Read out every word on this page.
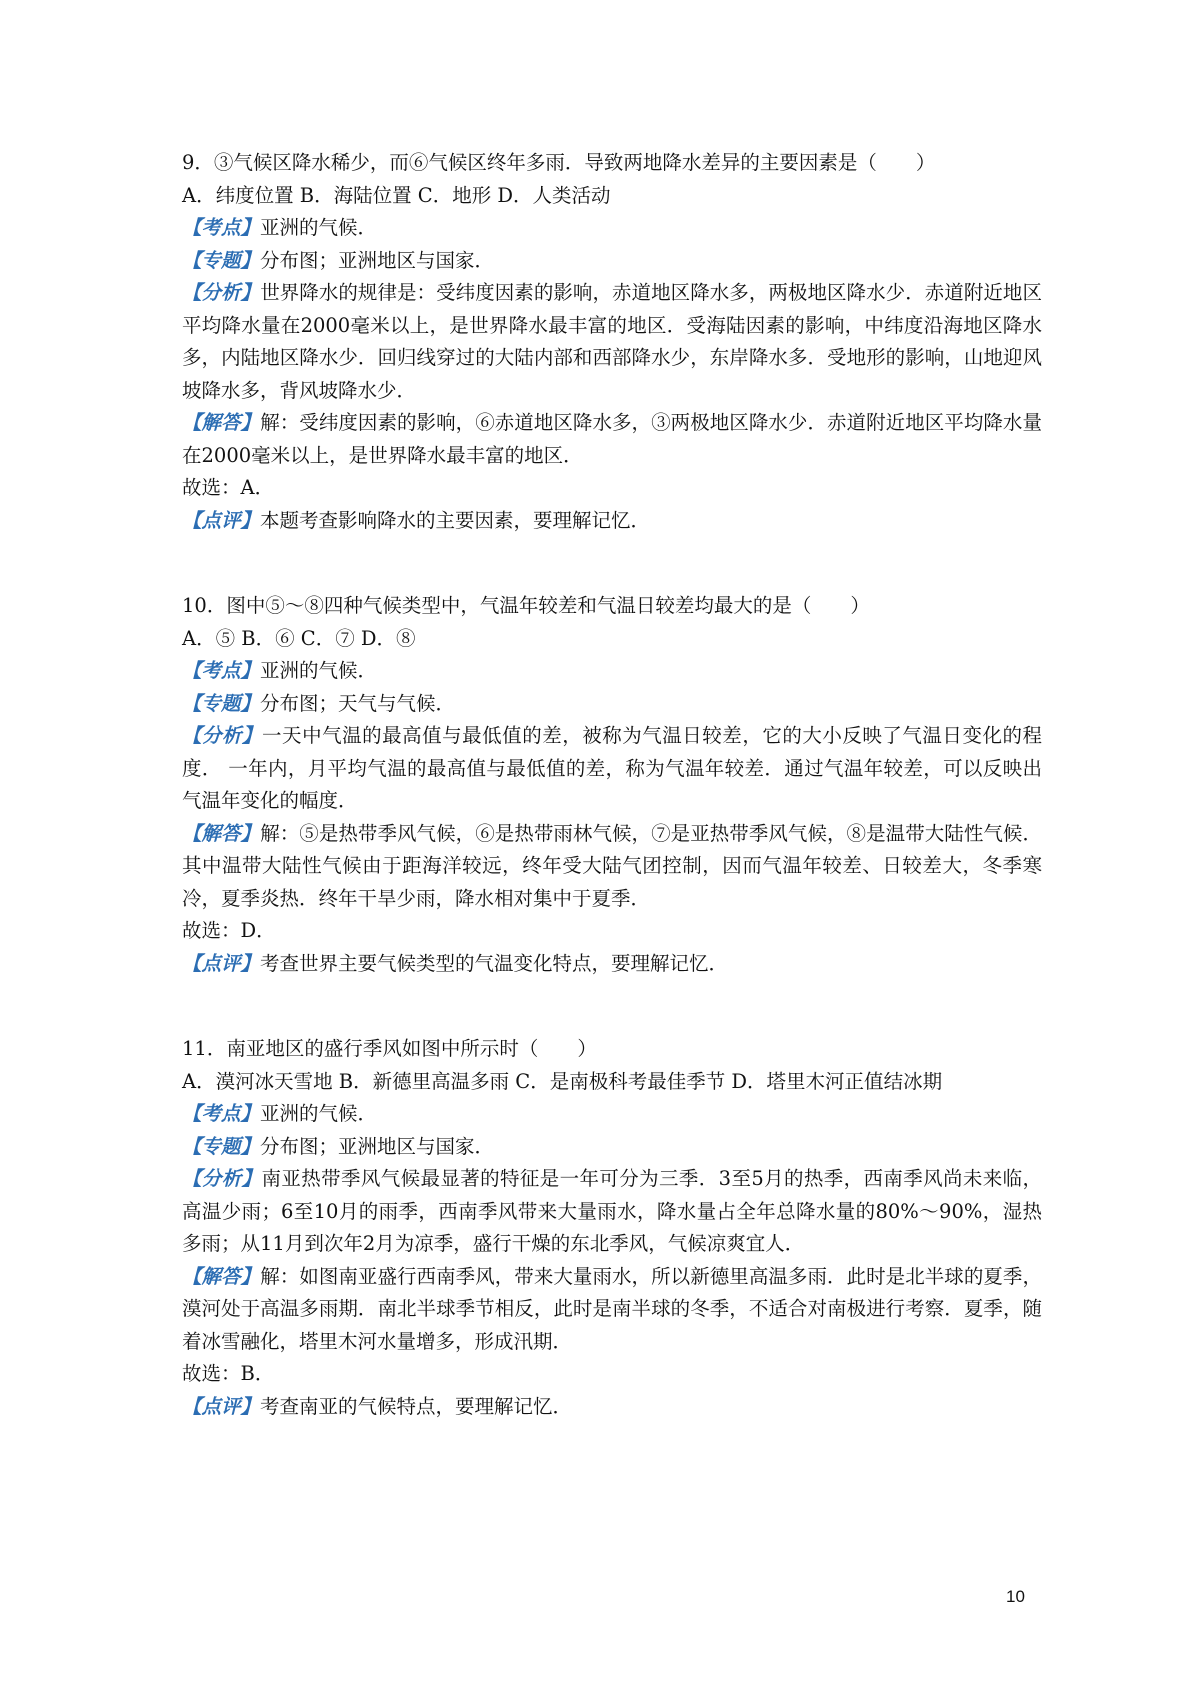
9．③气候区降水稀少，而⑥气候区终年多雨．导致两地降水差异的主要因素是（　　）
A．纬度位置 B．海陆位置 C．地形 D．人类活动
【考点】亚洲的气候．
【专题】分布图；亚洲地区与国家．
【分析】世界降水的规律是：受纬度因素的影响，赤道地区降水多，两极地区降水少．赤道附近地区平均降水量在2000毫米以上，是世界降水最丰富的地区．受海陆因素的影响，中纬度沿海地区降水多，内陆地区降水少．回归线穿过的大陆内部和西部降水少，东岸降水多．受地形的影响，山地迎风坡降水多，背风坡降水少．
【解答】解：受纬度因素的影响，⑥赤道地区降水多，③两极地区降水少．赤道附近地区平均降水量在2000毫米以上，是世界降水最丰富的地区．
故选：A．
【点评】本题考查影响降水的主要因素，要理解记忆．
10．图中⑤～⑧四种气候类型中，气温年较差和气温日较差均最大的是（　　）
A．⑤ B．⑥ C．⑦ D．⑧
【考点】亚洲的气候．
【专题】分布图；天气与气候．
【分析】一天中气温的最高值与最低值的差，被称为气温日较差，它的大小反映了气温日变化的程度． 一年内，月平均气温的最高值与最低值的差，称为气温年较差．通过气温年较差，可以反映出气温年变化的幅度．
【解答】解：⑤是热带季风气候，⑥是热带雨林气候，⑦是亚热带季风气候，⑧是温带大陆性气候．其中温带大陆性气候由于距海洋较远，终年受大陆气团控制，因而气温年较差、日较差大，冬季寒冷，夏季炎热．终年干旱少雨，降水相对集中于夏季．
故选：D．
【点评】考查世界主要气候类型的气温变化特点，要理解记忆．
11．南亚地区的盛行季风如图中所示时（　　）
A．漠河冰天雪地 B．新德里高温多雨 C．是南极科考最佳季节 D．塔里木河正值结冰期
【考点】亚洲的气候．
【专题】分布图；亚洲地区与国家．
【分析】南亚热带季风气候最显著的特征是一年可分为三季．3至5月的热季，西南季风尚未来临，高温少雨；6至10月的雨季，西南季风带来大量雨水，降水量占全年总降水量的80%～90%，湿热多雨；从11月到次年2月为凉季，盛行干燥的东北季风，气候凉爽宜人．
【解答】解：如图南亚盛行西南季风，带来大量雨水，所以新德里高温多雨．此时是北半球的夏季，漠河处于高温多雨期．南北半球季节相反，此时是南半球的冬季，不适合对南极进行考察．夏季，随着冰雪融化，塔里木河水量增多，形成汛期．
故选：B．
【点评】考查南亚的气候特点，要理解记忆．
10
